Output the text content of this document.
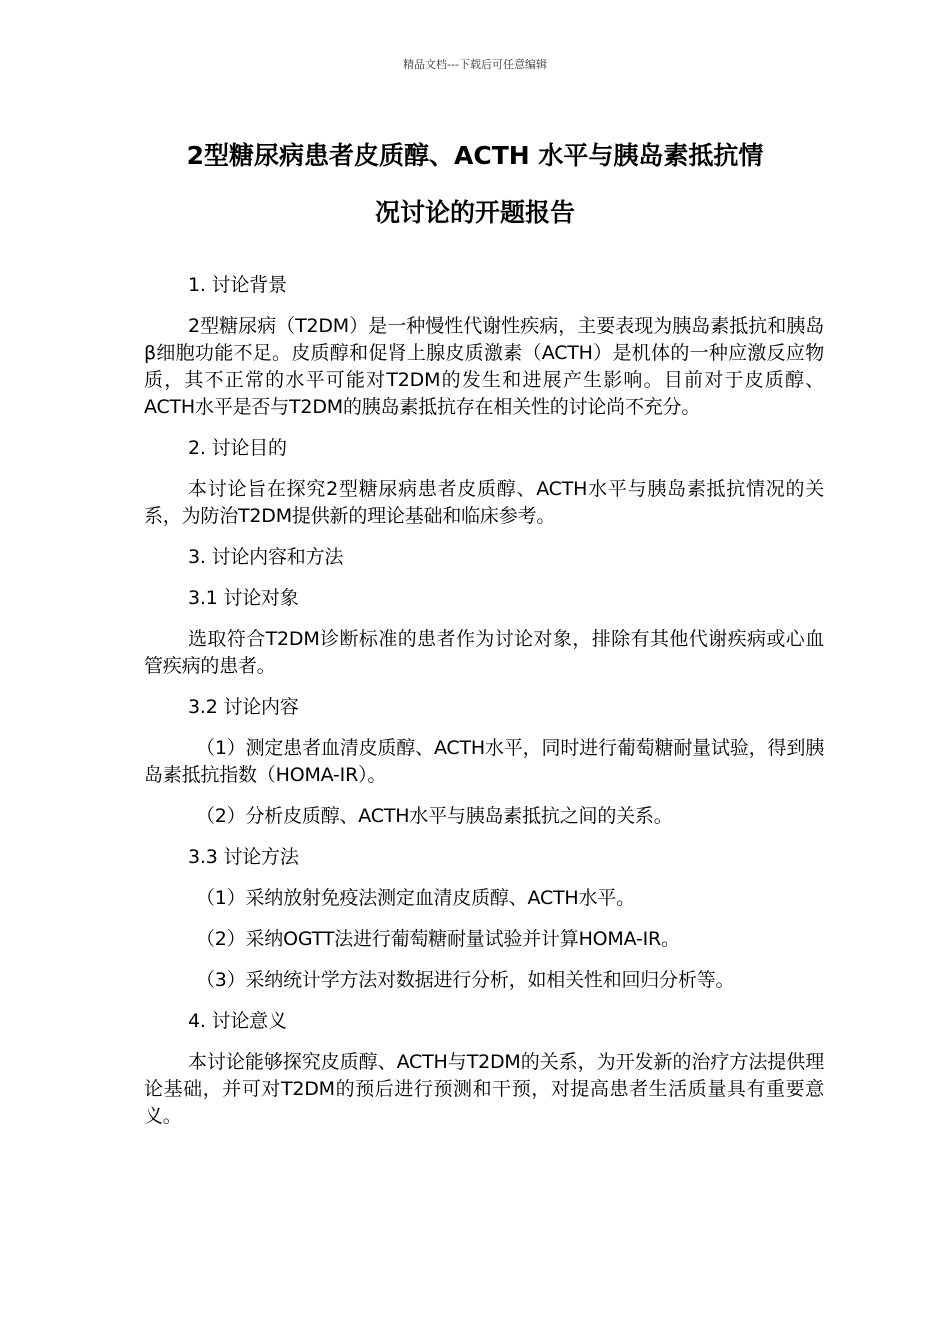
精品文档---下载后可任意编辑
2型糖尿病患者皮质醇、ACTH 水平与胰岛素抵抗情
况讨论的开题报告

1. 讨论背景

2型糖尿病（T2DM）是一种慢性代谢性疾病，主要表现为胰岛素抵抗和胰岛β细胞功能不足。皮质醇和促肾上腺皮质激素（ACTH）是机体的一种应激反应物质，其不正常的水平可能对T2DM的发生和进展产生影响。目前对于皮质醇、ACTH水平是否与T2DM的胰岛素抵抗存在相关性的讨论尚不充分。

2. 讨论目的

本讨论旨在探究2型糖尿病患者皮质醇、ACTH水平与胰岛素抵抗情况的关系，为防治T2DM提供新的理论基础和临床参考。

3. 讨论内容和方法

3.1 讨论对象

选取符合T2DM诊断标准的患者作为讨论对象，排除有其他代谢疾病或心血管疾病的患者。

3.2 讨论内容

（1）测定患者血清皮质醇、ACTH水平，同时进行葡萄糖耐量试验，得到胰岛素抵抗指数（HOMA-IR）。

（2）分析皮质醇、ACTH水平与胰岛素抵抗之间的关系。

3.3 讨论方法

（1）采纳放射免疫法测定血清皮质醇、ACTH水平。

（2）采纳OGTT法进行葡萄糖耐量试验并计算HOMA-IR。

（3）采纳统计学方法对数据进行分析，如相关性和回归分析等。

4. 讨论意义

本讨论能够探究皮质醇、ACTH与T2DM的关系，为开发新的治疗方法提供理论基础，并可对T2DM的预后进行预测和干预，对提高患者生活质量具有重要意义。
